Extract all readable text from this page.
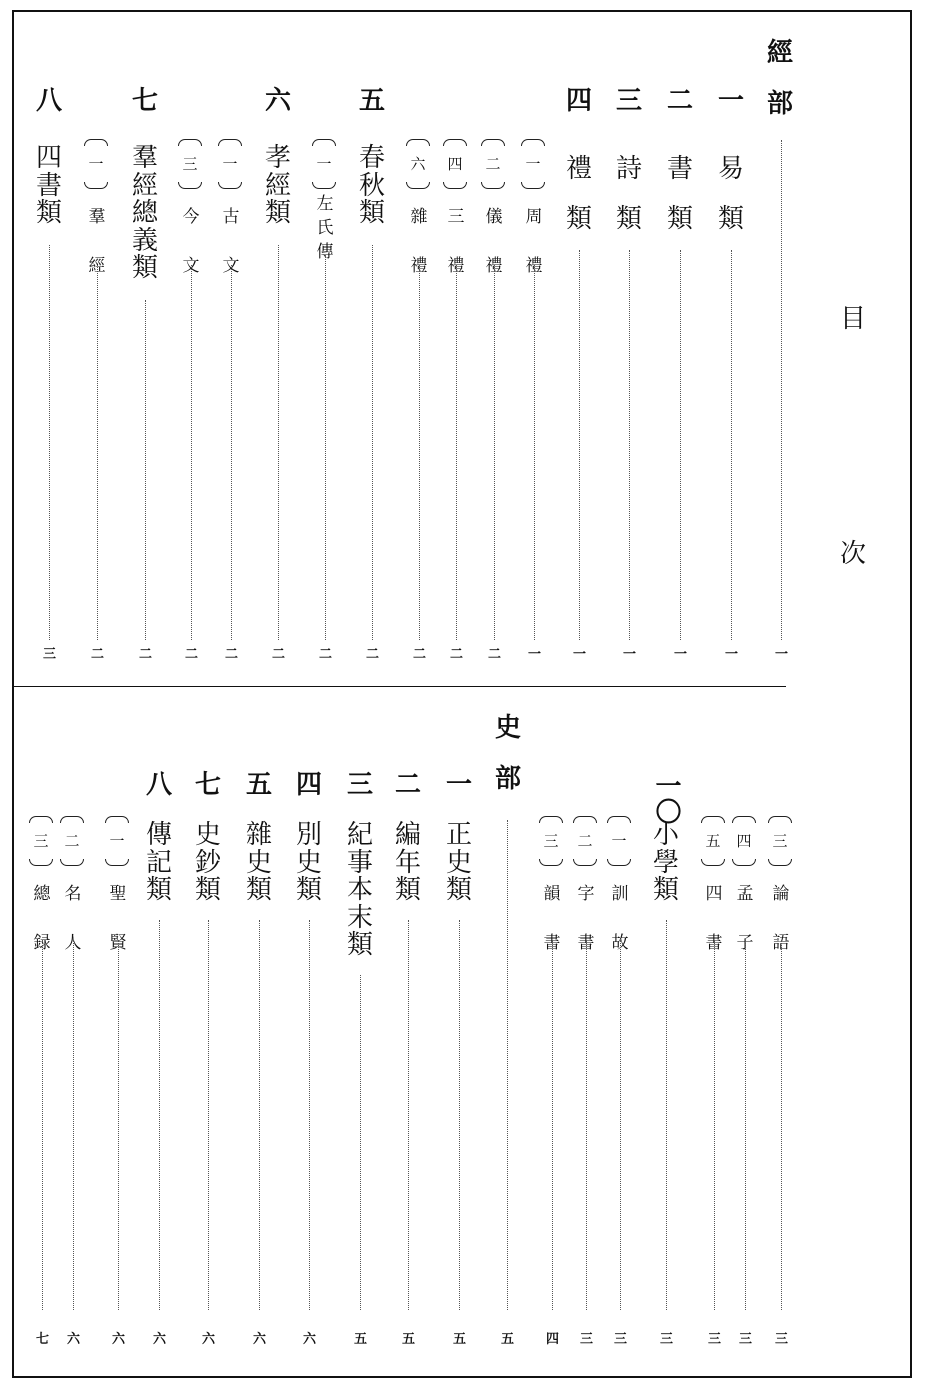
目
次
經部
史部
一
易類
一
二
書類
一
三
詩類
一
四
禮類
一
一
周禮
一
二
儀禮
二
四
三禮
二
六
雜禮
二
五
春秋類
二
一
左氏傳
二
六
孝經類
二
一
古文
二
三
今文
二
七
羣經總義類
二
一
羣經
二
八
四書類
三
三
論語
三
四
孟子
三
五
四書
三
一〇
小學類
三
一
訓故
三
二
字書
三
三
韻書
四
一
正史類
五
二
編年類
五
三
紀事本末類
五
四
別史類
六
五
雜史類
六
七
史鈔類
六
八
傳記類
六
一
聖賢
六
二
名人
六
三
總録
七
一
五
